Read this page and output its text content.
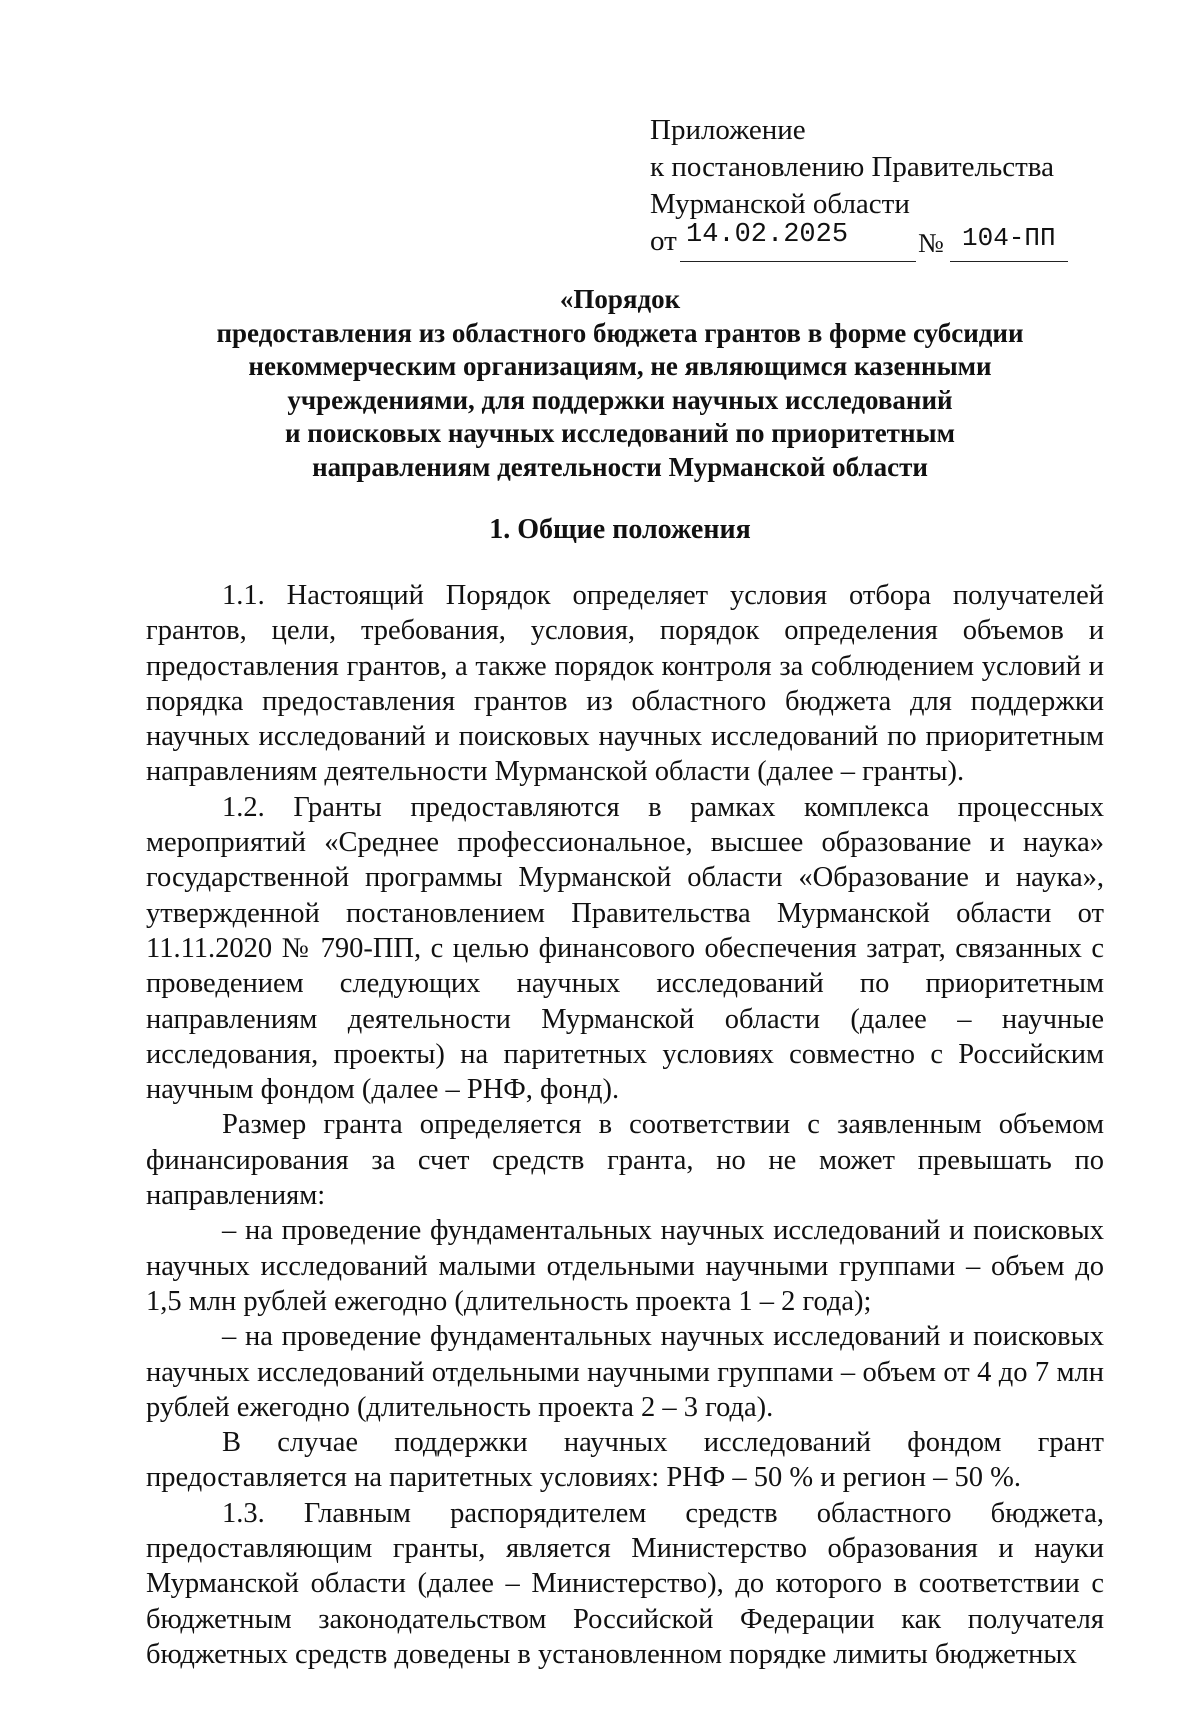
Приложение
к постановлению Правительства
Мурманской области
от 14.02.2025	№ 104-ПП
«Порядок
предоставления из областного бюджета грантов в форме субсидии
некоммерческим организациям, не являющимся казенными
учреждениями, для поддержки научных исследований
и поисковых научных исследований по приоритетным
направлениям деятельности Мурманской области
1. Общие положения

1.1. Настоящий Порядок определяет условия отбора получателей грантов, цели, требования, условия, порядок определения объемов и предоставления грантов, а также порядок контроля за соблюдением условий и порядка предоставления грантов из областного бюджета для поддержки научных исследований и поисковых научных исследований по приоритетным направлениям деятельности Мурманской области (далее – гранты).

1.2. Гранты предоставляются в рамках комплекса процессных мероприятий «Среднее профессиональное, высшее образование и наука» государственной программы Мурманской области «Образование и наука», утвержденной постановлением Правительства Мурманской области от 11.11.2020 № 790-ПП, с целью финансового обеспечения затрат, связанных с проведением следующих научных исследований по приоритетным направлениям деятельности Мурманской области (далее – научные исследования, проекты) на паритетных условиях совместно с Российским научным фондом (далее – РНФ, фонд).

Размер гранта определяется в соответствии с заявленным объемом финансирования за счет средств гранта, но не может превышать по направлениям:

– на проведение фундаментальных научных исследований и поисковых научных исследований малыми отдельными научными группами – объем до 1,5 млн рублей ежегодно (длительность проекта 1 – 2 года);

– на проведение фундаментальных научных исследований и поисковых научных исследований отдельными научными группами – объем от 4 до 7 млн рублей ежегодно (длительность проекта 2 – 3 года).

В случае поддержки научных исследований фондом грант предоставляется на паритетных условиях: РНФ – 50 % и регион – 50 %.

1.3. Главным распорядителем средств областного бюджета, предоставляющим гранты, является Министерство образования и науки Мурманской области (далее – Министерство), до которого в соответствии с бюджетным законодательством Российской Федерации как получателя бюджетных средств доведены в установленном порядке лимиты бюджетных
